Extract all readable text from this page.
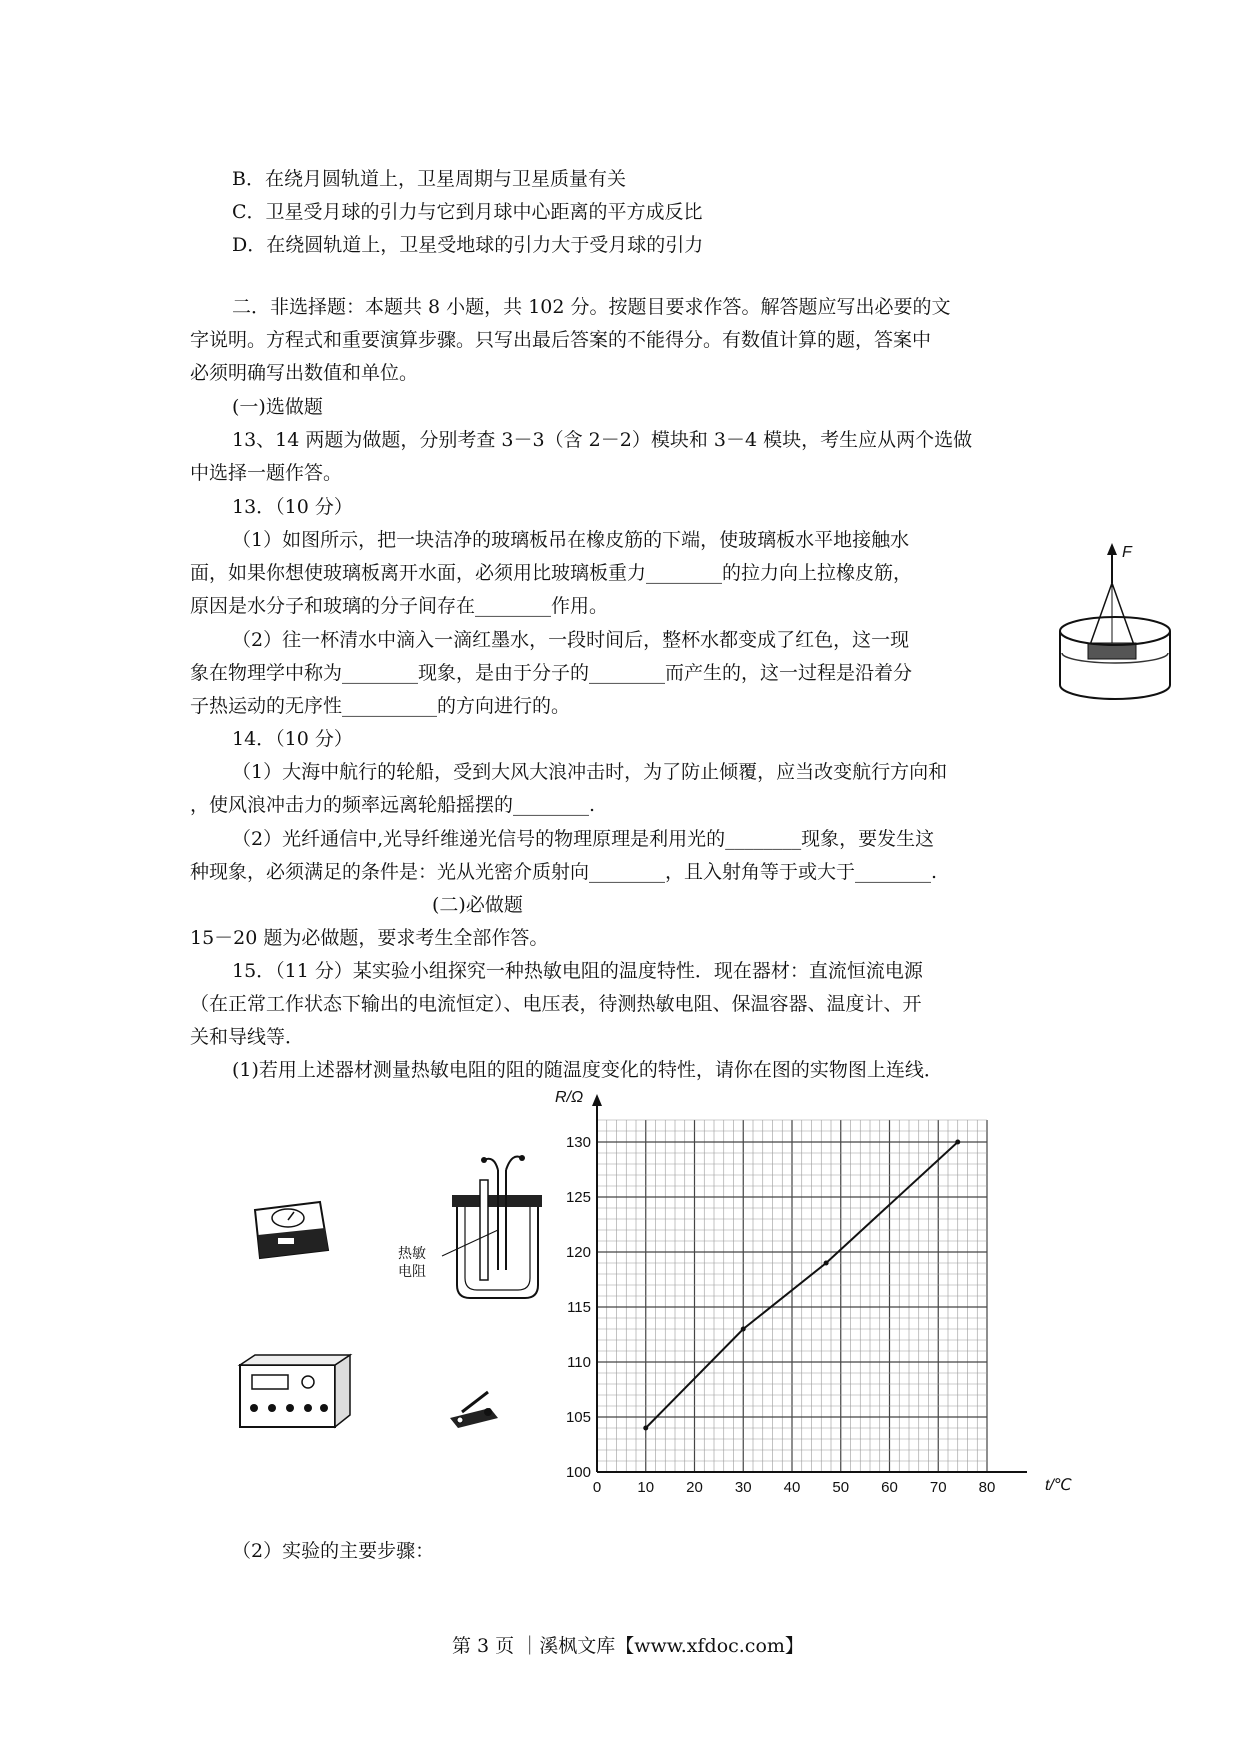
B．在绕月圆轨道上，卫星周期与卫星质量有关
C．卫星受月球的引力与它到月球中心距离的平方成反比
D．在绕圆轨道上，卫星受地球的引力大于受月球的引力
二．非选择题：本题共 8 小题，共 102 分。按题目要求作答。解答题应写出必要的文
字说明。方程式和重要演算步骤。只写出最后答案的不能得分。有数值计算的题，答案中
必须明确写出数值和单位。
(一)选做题
13、14 两题为做题，分别考查 3－3（含 2－2）模块和 3－4 模块，考生应从两个选做
中选择一题作答。
13．（10 分）
（1）如图所示，把一块洁净的玻璃板吊在橡皮筋的下端，使玻璃板水平地接触水
面，如果你想使玻璃板离开水面，必须用比玻璃板重力________的拉力向上拉橡皮筋，
原因是水分子和玻璃的分子间存在________作用。
（2）往一杯清水中滴入一滴红墨水，一段时间后，整杯水都变成了红色，这一现
象在物理学中称为________现象，是由于分子的________而产生的，这一过程是沿着分
子热运动的无序性__________的方向进行的。
F
14．（10 分）
（1）大海中航行的轮船，受到大风大浪冲击时，为了防止倾覆，应当改变航行方向和
，使风浪冲击力的频率远离轮船摇摆的________.
（2）光纤通信中,光导纤维递光信号的物理原理是利用光的________现象，要发生这
种现象，必须满足的条件是：光从光密介质射向________，且入射角等于或大于________.
(二)必做题
15－20 题为必做题，要求考生全部作答。
15．（11 分）某实验小组探究一种热敏电阻的温度特性．现在器材：直流恒流电源
（在正常工作状态下输出的电流恒定）、电压表，待测热敏电阻、保温容器、温度计、开
关和导线等．
(1)若用上述器材测量热敏电阻的阻的随温度变化的特性，请你在图的实物图上连线．
热敏
电阻
R/Ω
t/℃
0 10 20 30 40 50 60 70 80
100
105
110
115
120
125
130
（2）实验的主要步骤：
第 3 页 ｜溪枫文库【www.xfdoc.com】
